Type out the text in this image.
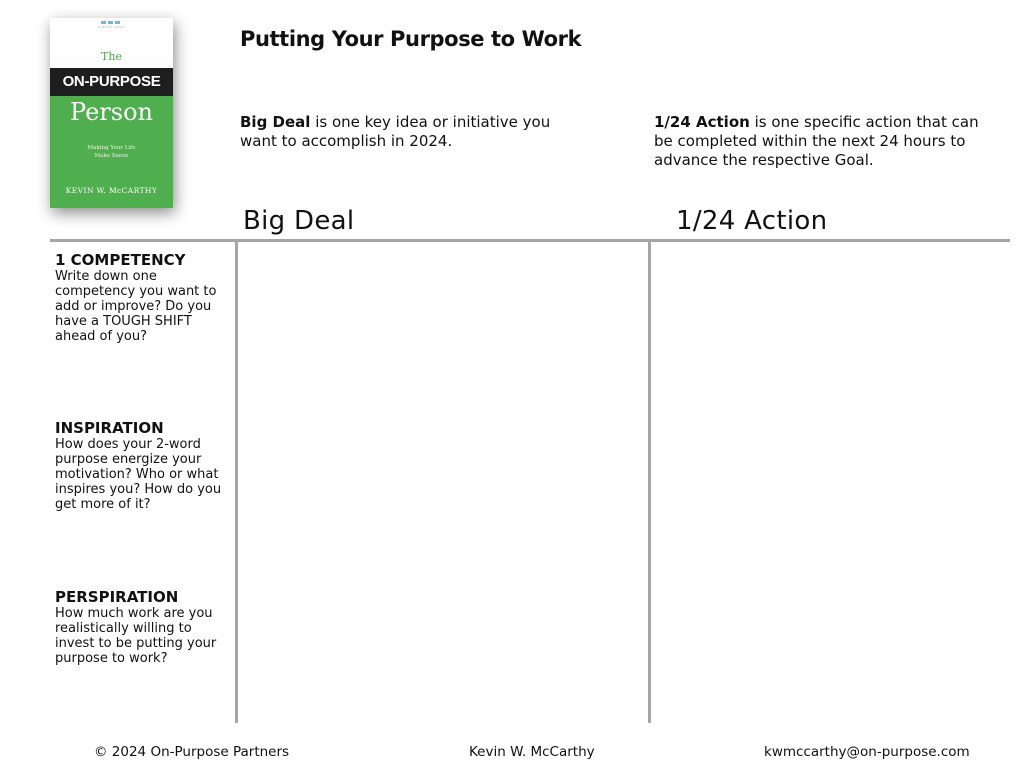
A WILEY TITLE
The
ON-PURPOSE
Person
Making Your Life
Make Sense
KEVIN W. McCARTHY
Putting Your Purpose to Work

Big Deal is one key idea or initiative you want to accomplish in 2024.

1/24 Action is one specific action that can be completed within the next 24 hours to advance the respective Goal.

Big Deal	1/24 Action
1 COMPETENCY

Write down one competency you want to add or improve? Do you have a TOUGH SHIFT ahead of you?

INSPIRATION

How does your 2-word purpose energize your motivation? Who or what inspires you? How do you get more of it?

PERSPIRATION

How much work are you realistically willing to invest to be putting your purpose to work?

© 2024 On-Purpose Partners	Kevin W. McCarthy	kwmccarthy@on-purpose.com
